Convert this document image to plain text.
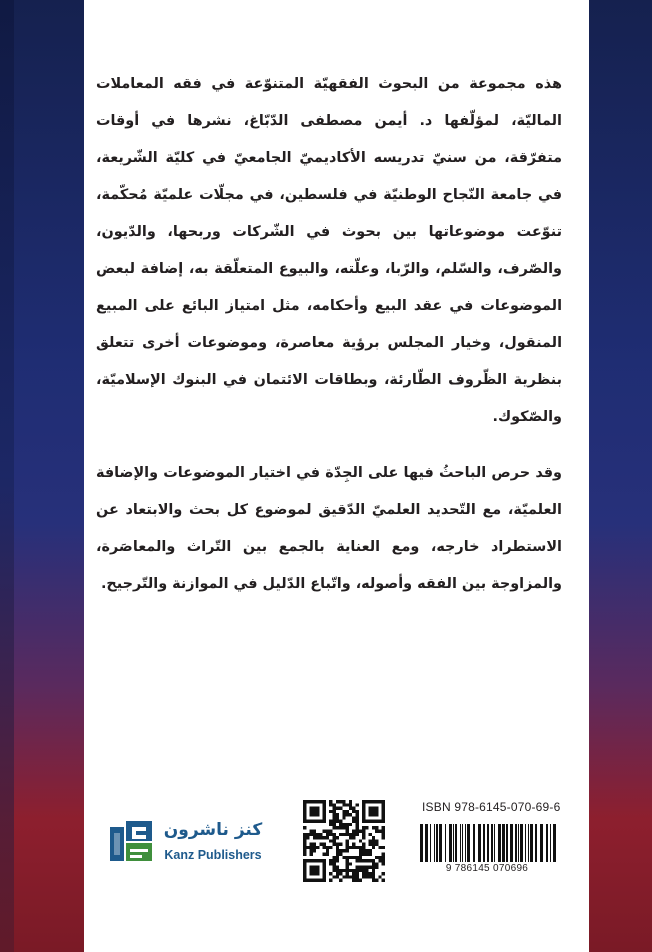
هذه مجموعة من البحوث الفقهيّة المتنوّعة في فقه المعاملات الماليّة، لمؤلّفها د. أيمن مصطفى الدّبّاغ، نشرها في أوقات متفرّقة، من سنيّ تدريسه الأكاديميّ الجامعيّ في كليّة الشّريعة، في جامعة النّجاح الوطنيّة في فلسطين، في مجلّات علميّة مُحكّمة، تنوّعت موضوعاتها بين بحوث في الشّركات وربحها، والدّيون، والصّرف، والسّلم، والرّبا، وعلّته، والبيوع المتعلّقة به، إضافة لبعض الموضوعات في عقد البيع وأحكامه، مثل امتياز البائع على المبيع المنقول، وخيار المجلس برؤية معاصرة، وموضوعات أخرى تتعلق بنظرية الظّروف الطّارئة، وبطاقات الائتمان في البنوك الإسلاميّة، والصّكوك.

وقد حرص الباحثُ فيها على الجِدّة في اختيار الموضوعات والإضافة العلميّة، مع التّحديد العلميّ الدّقيق لموضوع كل بحث والابتعاد عن الاستطراد خارجه، ومع العناية بالجمع بين التّراث والمعاصَرة، والمزاوجة بين الفقه وأصوله، واتّباع الدّليل في الموازنة والتّرجيح.

ISBN 978-6145-070-69-6
9 786145 070696
كنز ناشرون
Kanz Publishers
